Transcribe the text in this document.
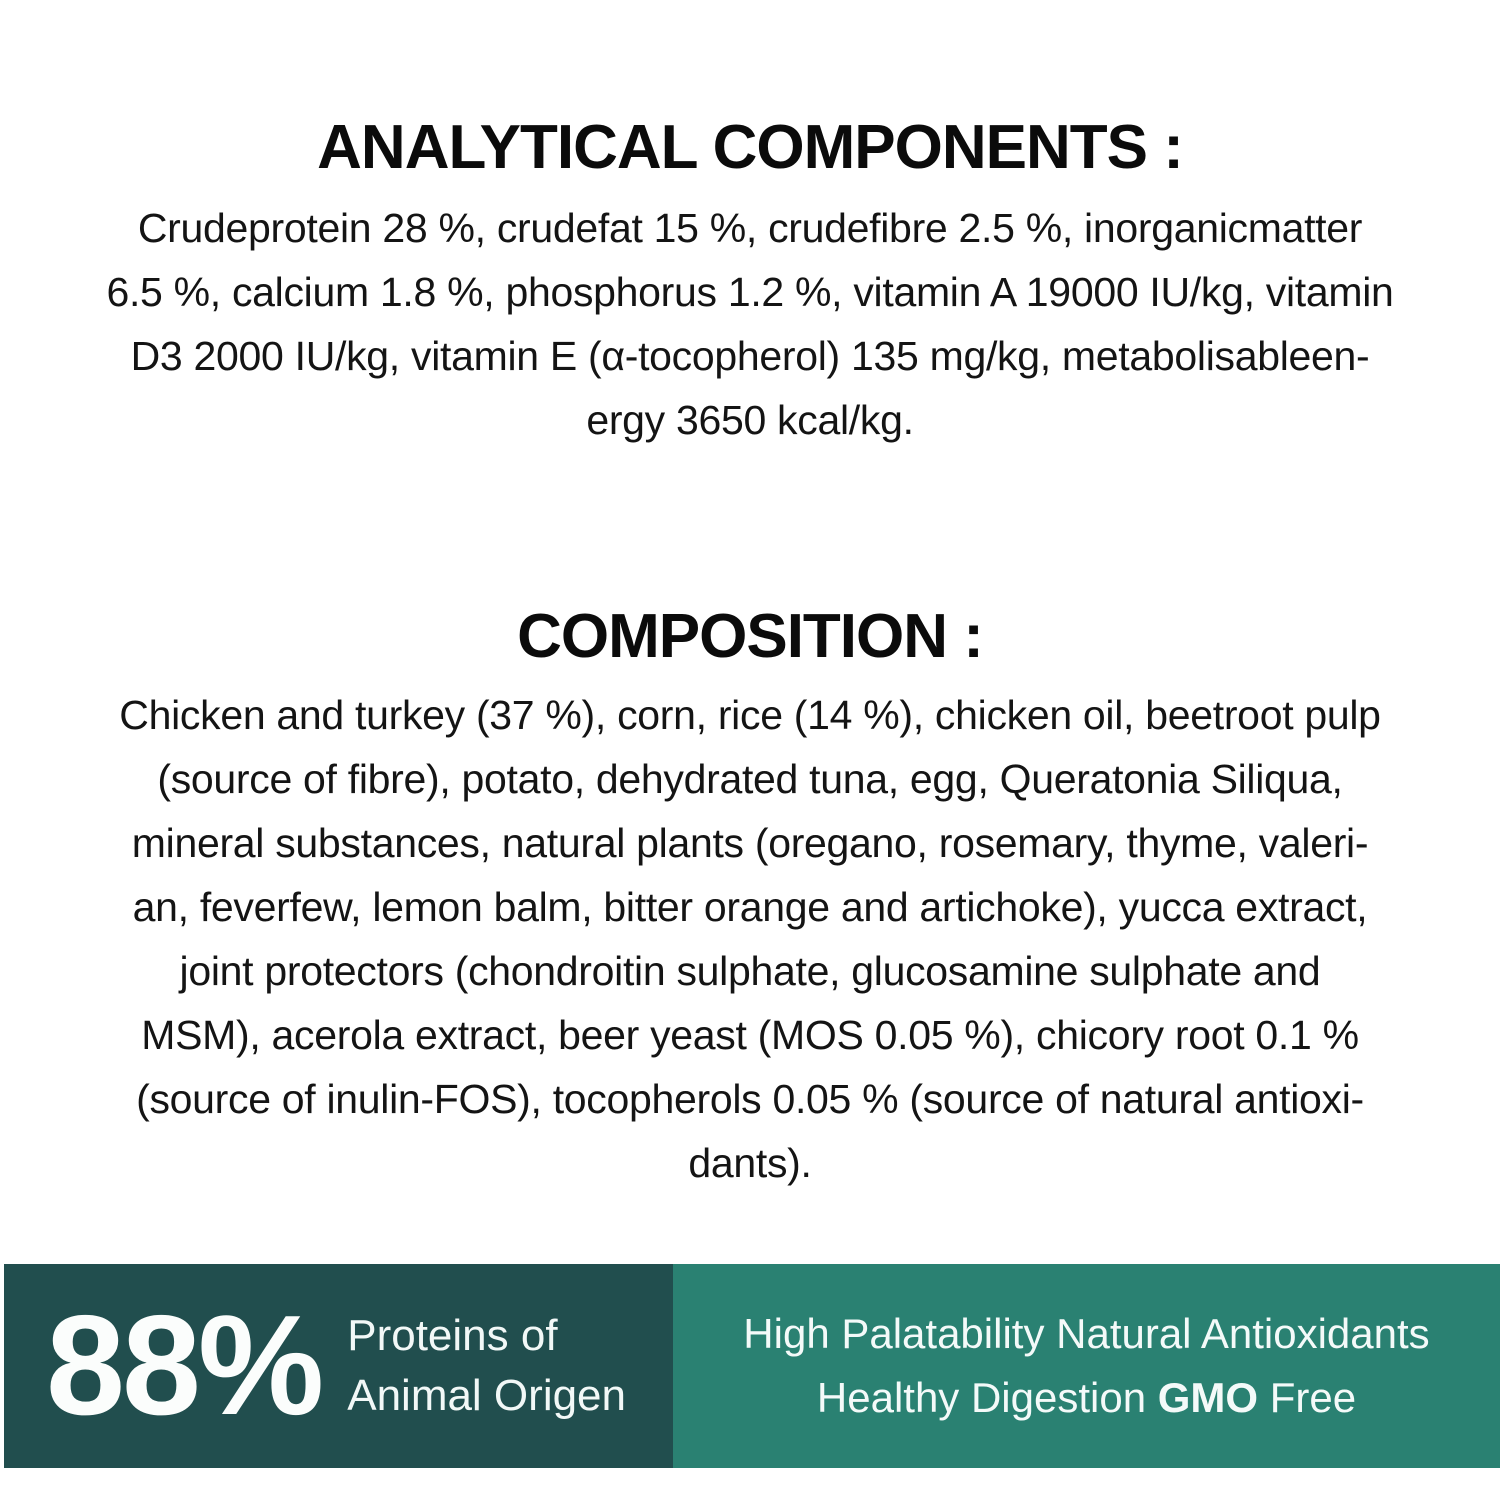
ANALYTICAL COMPONENTS :
Crudeprotein 28 %, crudefat 15 %, crudefibre 2.5 %, inorganicmatter
6.5 %, calcium 1.8 %, phosphorus 1.2 %, vitamin A 19000 IU/kg, vitamin
D3 2000 IU/kg, vitamin E (α-tocopherol) 135 mg/kg, metabolisableen-
ergy 3650 kcal/kg.
COMPOSITION :
Chicken and turkey (37 %), corn, rice (14 %), chicken oil, beetroot pulp
(source of fibre), potato, dehydrated tuna, egg, Queratonia Siliqua,
mineral substances, natural plants (oregano, rosemary, thyme, valeri-
an, feverfew, lemon balm, bitter orange and artichoke), yucca extract,
joint protectors (chondroitin sulphate, glucosamine sulphate and
MSM), acerola extract, beer yeast (MOS 0.05 %), chicory root 0.1 %
(source of inulin-FOS), tocopherols 0.05 % (source of natural antioxi-
dants).
88% Proteins of
Animal Origen
High Palatability Natural Antioxidants
Healthy Digestion GMO Free
